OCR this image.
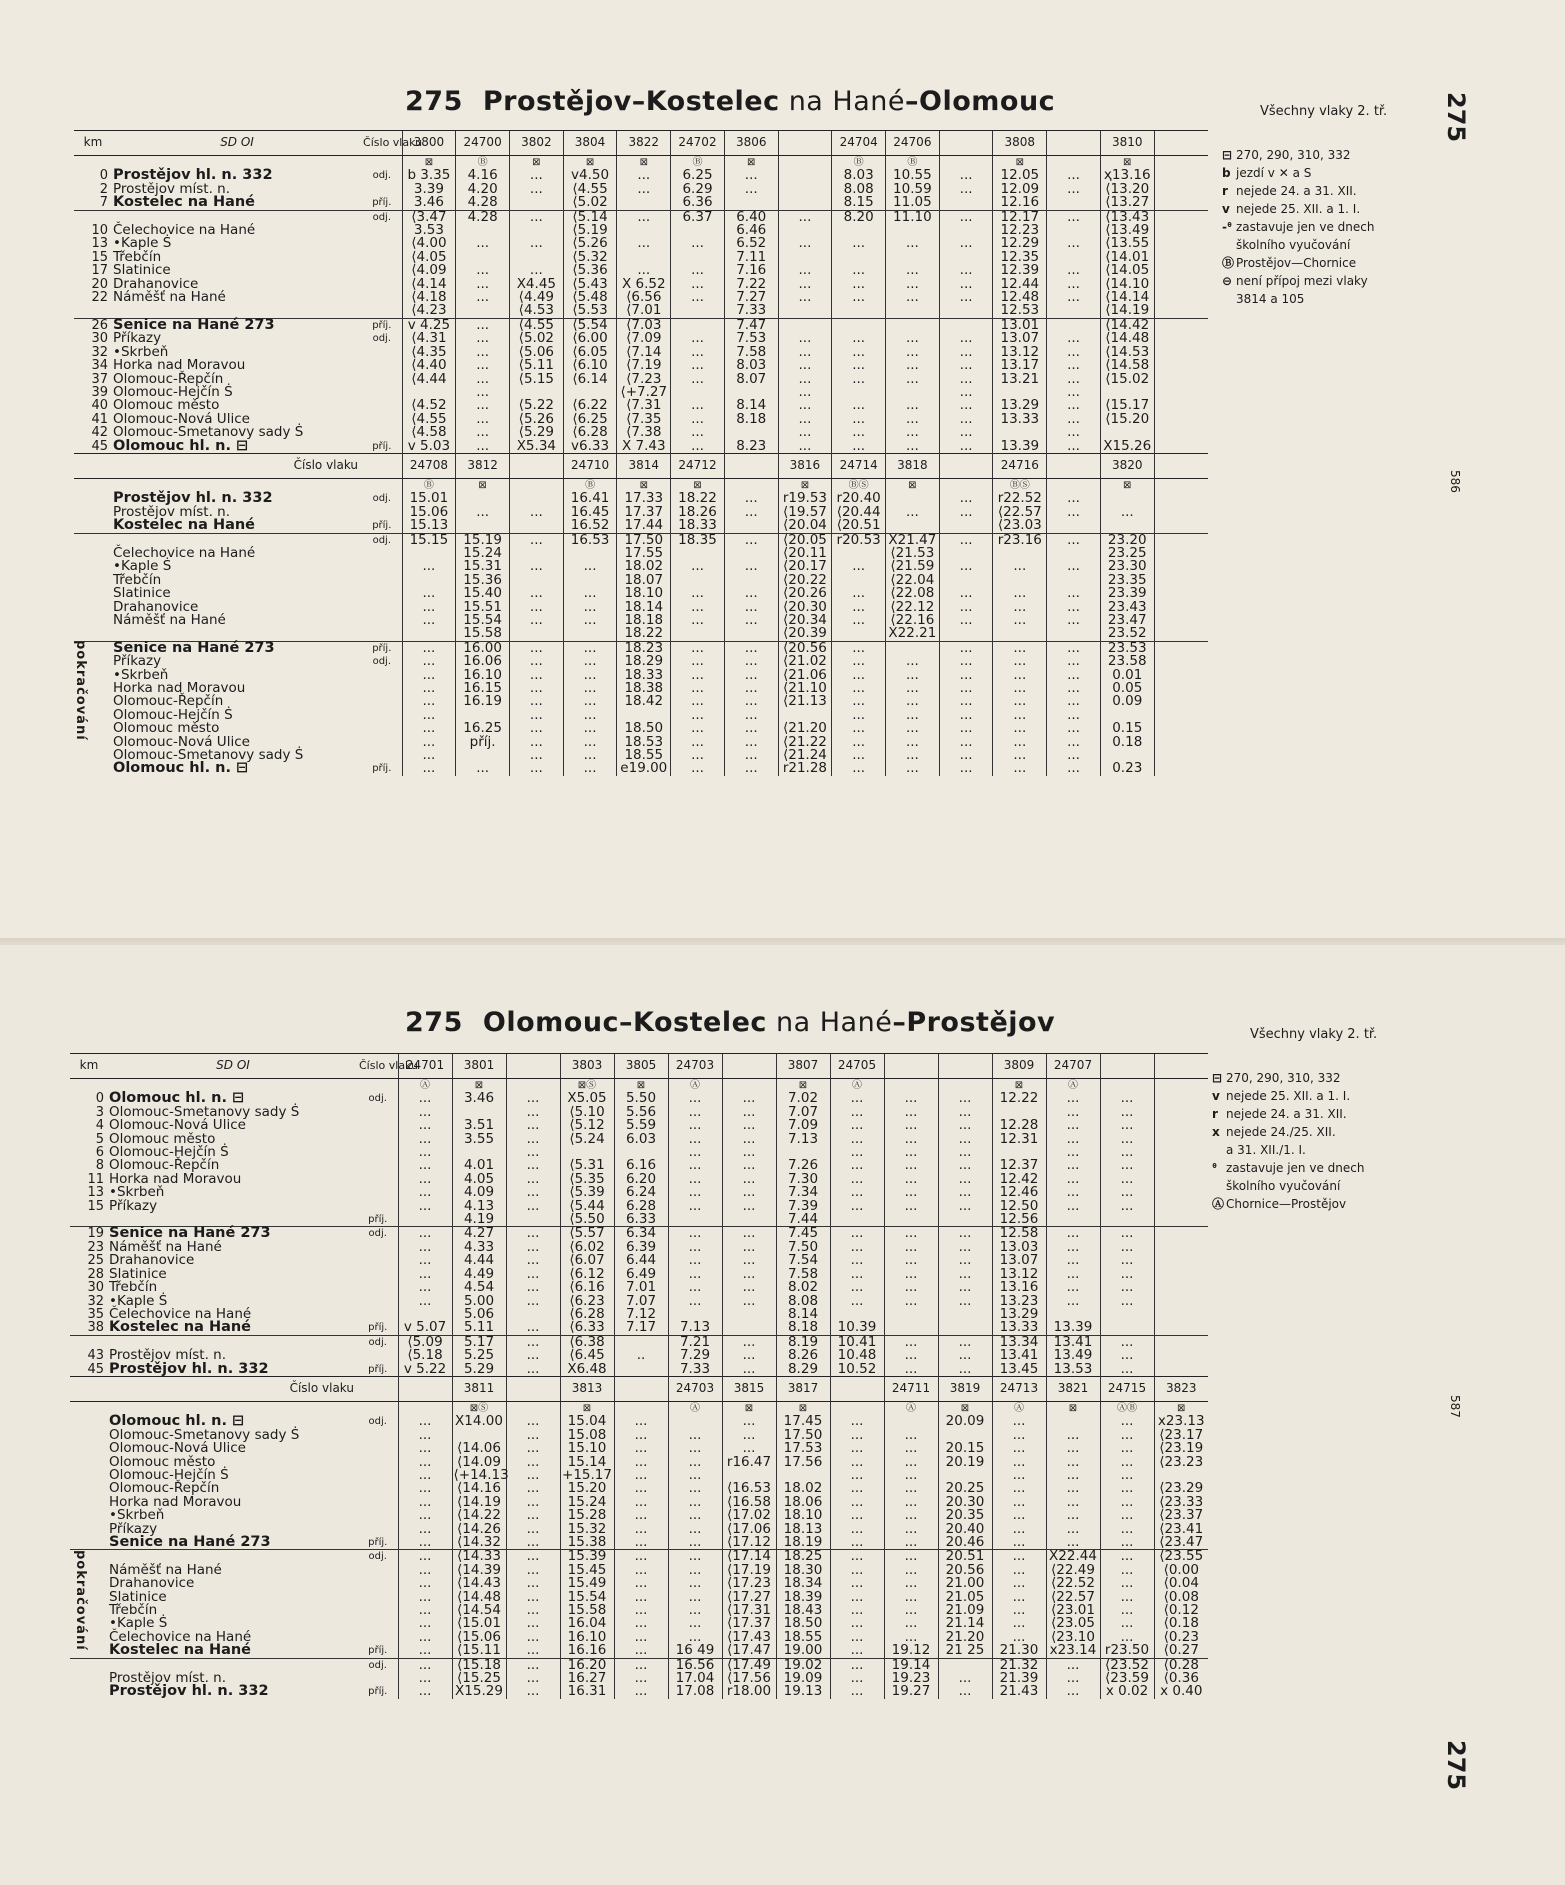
275 Prostějov–Kostelec na Hané–Olomouc	Všechny vlaky 2. tř. 275
586
pokračování
⊟ 270, 290, 310, 332
b jezdí v ✕ a S
r nejede 24. a 31. XII.
v nejede 25. XII. a 1. I.
-ᶿ zastavuje jen ve dnech
školního vyučování
Ⓑ Prostějov—Chornice
⊖ není přípoj mezi vlaky
3814 a 105
km	SD OI	Číslo vlaku	3800	24700	3802	3804	3822	24702	3806		24704	24706		3808		3810	
			⊠	Ⓑ	⊠	⊠	⊠	Ⓑ	⊠		Ⓑ	Ⓑ		⊠		⊠	
0	Prostějov hl. n. 332	odj.	b 3.35	4.16	...	v4.50	...	6.25	...		8.03	10.55	...	12.05	...	ҳ13.16	
2	Prostějov míst. n.		3.39	4.20	...	⟨4.55	...	6.29	...		8.08	10.59	...	12.09	...	⟨13.20	
7	Kostelec na Hané	příj.	3.46	4.28		⟨5.02		6.36			8.15	11.05		12.16		⟨13.27	
		odj.	⟨3.47	4.28	...	⟨5.14	...	6.37	6.40	...	8.20	11.10	...	12.17	...	⟨13.43	
10	Čelechovice na Hané		3.53			⟨5.19			6.46					12.23		⟨13.49	
13	•Kaple Ṡ		⟨4.00	...	...	⟨5.26	...	...	6.52	...	...	...	...	12.29	...	⟨13.55	
15	Třebčín		⟨4.05			⟨5.32			7.11					12.35		⟨14.01	
17	Slatinice		⟨4.09	...	...	⟨5.36	...	...	7.16	...	...	...	...	12.39	...	⟨14.05	
20	Drahanovice		⟨4.14	...	X4.45	⟨5.43	X 6.52	...	7.22	...	...	...	...	12.44	...	⟨14.10	
22	Náměšť na Hané		⟨4.18	...	⟨4.49	⟨5.48	⟨6.56	...	7.27	...	...	...	...	12.48	...	⟨14.14	
			⟨4.23		⟨4.53	⟨5.53	⟨7.01		7.33					12.53		⟨14.19	
26	Senice na Hané 273	příj.	v 4.25	...	⟨4.55	⟨5.54	⟨7.03		7.47					13.01		⟨14.42	
30	Příkazy	odj.	⟨4.31	...	⟨5.02	⟨6.00	⟨7.09	...	7.53	...	...	...	...	13.07	...	⟨14.48	
32	•Skrbeň		⟨4.35	...	⟨5.06	⟨6.05	⟨7.14	...	7.58	...	...	...	...	13.12	...	⟨14.53	
34	Horka nad Moravou		⟨4.40	...	⟨5.11	⟨6.10	⟨7.19	...	8.03	...	...	...	...	13.17	...	⟨14.58	
37	Olomouc-Řepčín		⟨4.44	...	⟨5.15	⟨6.14	⟨7.23	...	8.07	...	...	...	...	13.21	...	⟨15.02	
39	Olomouc-Hejčín Ṡ			...			⟨+7.27			...			...		...		
40	Olomouc město		⟨4.52	...	⟨5.22	⟨6.22	⟨7.31	...	8.14	...	...	...	...	13.29	...	⟨15.17	
41	Olomouc-Nová Ulice		⟨4.55	...	⟨5.26	⟨6.25	⟨7.35	...	8.18	...	...	...	...	13.33	...	⟨15.20	
42	Olomouc-Smetanovy sady Ṡ		⟨4.58	...	⟨5.29	⟨6.28	⟨7.38	...		...	...	...	...		...		
45	Olomouc hl. n. ⊟	příj.	v 5.03	...	X5.34	v6.33	X 7.43	...	8.23	...	...	...	...	13.39	...	X15.26	
	Číslo vlaku		24708	3812		24710	3814	24712		3816	24714	3818		24716		3820	
			Ⓑ	⊠		Ⓑ	⊠	⊠		⊠	ⒷⓈ	⊠		ⒷⓈ		⊠	
	Prostějov hl. n. 332	odj.	15.01			16.41	17.33	18.22	...	r19.53	r20.40		...	r22.52	...		
	Prostějov míst. n.		15.06	...	...	16.45	17.37	18.26	...	⟨19.57	⟨20.44	...	...	⟨22.57	...	...	
	Kostelec na Hané	příj.	15.13			16.52	17.44	18.33		⟨20.04	⟨20.51			⟨23.03			
		odj.	15.15	15.19	...	16.53	17.50	18.35	...	⟨20.05	r20.53	X21.47	...	r23.16	...	23.20	
	Čelechovice na Hané			15.24			17.55			⟨20.11		⟨21.53				23.25	
	•Kaple Ṡ		...	15.31	...	...	18.02	...	...	⟨20.17	...	⟨21.59	...	...	...	23.30	
	Třebčín			15.36			18.07			⟨20.22		⟨22.04				23.35	
	Slatinice		...	15.40	...	...	18.10	...	...	⟨20.26	...	⟨22.08	...	...	...	23.39	
	Drahanovice		...	15.51	...	...	18.14	...	...	⟨20.30	...	⟨22.12	...	...	...	23.43	
	Náměšť na Hané		...	15.54	...	...	18.18	...	...	⟨20.34	...	⟨22.16	...	...	...	23.47	
				15.58			18.22			⟨20.39		X22.21				23.52	
	Senice na Hané 273	příj.	...	16.00	...	...	18.23	...	...	⟨20.56	...		...	...	...	23.53	
	Příkazy	odj.	...	16.06	...	...	18.29	...	...	⟨21.02	...	...	...	...	...	23.58	
	•Skrbeň		...	16.10	...	...	18.33	...	...	⟨21.06	...	...	...	...	...	0.01	
	Horka nad Moravou		...	16.15	...	...	18.38	...	...	⟨21.10	...	...	...	...	...	0.05	
	Olomouc-Řepčín		...	16.19	...	...	18.42	...	...	⟨21.13	...	...	...	...	...	0.09	
	Olomouc-Hejčín Ṡ		...		...	...		...	...		...	...	...	...	...		
	Olomouc město		...	16.25	...	...	18.50	...	...	⟨21.20	...	...	...	...	...	0.15	
	Olomouc-Nová Ulice		...	příj.	...	...	18.53	...	...	⟨21.22	...	...	...	...	...	0.18	
	Olomouc-Smetanovy sady Ṡ		...		...	...	18.55	...	...	⟨21.24	...	...	...	...	...		
	Olomouc hl. n. ⊟	příj.	...	...	...	...	e19.00	...	...	r21.28	...	...	...	...	...	0.23	
275 Olomouc–Kostelec na Hané–Prostějov	Všechny vlaky 2. tř.
275
587
pokračování
⊟ 270, 290, 310, 332
v nejede 25. XII. a 1. I.
r nejede 24. a 31. XII.
x nejede 24./25. XII.
a 31. XII./1. I.
ᶿ zastavuje jen ve dnech
školního vyučování
Ⓐ Chornice—Prostějov
km	SD OI	Číslo vlaku	24701	3801		3803	3805	24703		3807	24705			3809	24707		
			Ⓐ	⊠		⊠Ⓢ	⊠	Ⓐ		⊠	Ⓐ			⊠	Ⓐ		
0	Olomouc hl. n. ⊟	odj.	...	3.46	...	X5.05	5.50	...	...	7.02	...	...	...	12.22	...	...	
3	Olomouc-Smetanovy sady Ṡ		...		...	⟨5.10	5.56	...	...	7.07	...	...	...		...	...	
4	Olomouc-Nová Ulice		...	3.51	...	⟨5.12	5.59	...	...	7.09	...	...	...	12.28	...	...	
5	Olomouc město		...	3.55	...	⟨5.24	6.03	...	...	7.13	...	...	...	12.31	...	...	
6	Olomouc-Hejčín Ṡ		...		...			...	...		...	...	...		...	...	
8	Olomouc-Řepčín		...	4.01	...	⟨5.31	6.16	...	...	7.26	...	...	...	12.37	...	...	
11	Horka nad Moravou		...	4.05	...	⟨5.35	6.20	...	...	7.30	...	...	...	12.42	...	...	
13	•Skrbeň		...	4.09	...	⟨5.39	6.24	...	...	7.34	...	...	...	12.46	...	...	
15	Příkazy		...	4.13	...	⟨5.44	6.28	...	...	7.39	...	...	...	12.50	...	...	
		příj.		4.19		⟨5.50	6.33			7.44				12.56			
19	Senice na Hané 273	odj.	...	4.27	...	⟨5.57	6.34	...	...	7.45	...	...	...	12.58	...	...	
23	Náměšť na Hané		...	4.33	...	⟨6.02	6.39	...	...	7.50	...	...	...	13.03	...	...	
25	Drahanovice		...	4.44	...	⟨6.07	6.44	...	...	7.54	...	...	...	13.07	...	...	
28	Slatinice		...	4.49	...	⟨6.12	6.49	...	...	7.58	...	...	...	13.12	...	...	
30	Třebčín		...	4.54	...	⟨6.16	7.01	...	...	8.02	...	...	...	13.16	...	...	
32	•Kaple Ṡ		...	5.00	...	⟨6.23	7.07	...	...	8.08	...	...	...	13.23	...	...	
35	Čelechovice na Hané			5.06		⟨6.28	7.12			8.14				13.29			
38	Kostelec na Hané	příj.	v 5.07	5.11	...	⟨6.33	7.17	7.13		8.18	10.39			13.33	13.39		
		odj.	⟨5.09	5.17	...	⟨6.38		7.21	...	8.19	10.41	...	...	13.34	13.41	...	
43	Prostějov míst. n.		⟨5.18	5.25	...	⟨6.45	..	7.29	...	8.26	10.48	...	...	13.41	13.49	...	
45	Prostějov hl. n. 332	příj.	v 5.22	5.29	...	X6.48		7.33	...	8.29	10.52	...	...	13.45	13.53	...	
	Číslo vlaku			3811		3813		24703	3815	3817		24711	3819	24713	3821	24715	3823
				⊠Ⓢ		⊠		Ⓐ	⊠	⊠		Ⓐ	⊠	Ⓐ	⊠	ⒶⒷ	⊠
	Olomouc hl. n. ⊟	odj.	...	X14.00	...	15.04	...		...	17.45	...		20.09	...		...	x23.13
	Olomouc-Smetanovy sady Ṡ		...		...	15.08	...	...	...	17.50	...	...		...	...	...	⟨23.17
	Olomouc-Nová Ulice		...	⟨14.06	...	15.10	...	...	...	17.53	...	...	20.15	...	...	...	⟨23.19
	Olomouc město		...	⟨14.09	...	15.14	...	...	r16.47	17.56	...	...	20.19	...	...	...	⟨23.23
	Olomouc-Hejčín Ṡ		...	⟨+14.13	...	+15.17	...	...			...	...		...	...	...	
	Olomouc-Řepčín		...	⟨14.16	...	15.20	...	...	⟨16.53	18.02	...	...	20.25	...	...	...	⟨23.29
	Horka nad Moravou		...	⟨14.19	...	15.24	...	...	⟨16.58	18.06	...	...	20.30	...	...	...	⟨23.33
	•Skrbeň		...	⟨14.22	...	15.28	...	...	⟨17.02	18.10	...	...	20.35	...	...	...	⟨23.37
	Příkazy		...	⟨14.26	...	15.32	...	...	⟨17.06	18.13	...	...	20.40	...	...	...	⟨23.41
	Senice na Hané 273	příj.	...	⟨14.32	...	15.38	...	...	⟨17.12	18.19	...	...	20.46	...	...	...	⟨23.47
		odj.	...	⟨14.33	...	15.39	...	...	⟨17.14	18.25	...	...	20.51	...	X22.44	...	⟨23.55
	Náměšť na Hané		...	⟨14.39	...	15.45	...	...	⟨17.19	18.30	...	...	20.56	...	⟨22.49	...	⟨0.00
	Drahanovice		...	⟨14.43	...	15.49	...	...	⟨17.23	18.34	...	...	21.00	...	⟨22.52	...	⟨0.04
	Slatinice		...	⟨14.48	...	15.54	...	...	⟨17.27	18.39	...	...	21.05	...	⟨22.57	...	⟨0.08
	Třebčín		...	⟨14.54	...	15.58	...	...	⟨17.31	18.43	...	...	21.09	...	⟨23.01	...	⟨0.12
	•Kaple Ṡ		...	⟨15.01	...	16.04	...	...	⟨17.37	18.50	...	...	21.14	...	⟨23.05	...	⟨0.18
	Čelechovice na Hané		...	⟨15.06	...	16.10	...	...	⟨17.43	18.55	...	...	21.20	...	⟨23.10	...	⟨0.23
	Kostelec na Hané	příj.	...	⟨15.11	...	16.16	...	16 49	⟨17.47	19.00	...	19.12	21 25	21.30	x23.14	r23.50	⟨0.27
		odj.	...	⟨15.18	...	16.20	...	16.56	⟨17.49	19.02	...	19.14		21.32	...	⟨23.52	⟨0.28
	Prostějov míst. n.		...	⟨15.25	...	16.27	...	17.04	⟨17.56	19.09	...	19.23	...	21.39	...	⟨23.59	⟨0.36
	Prostějov hl. n. 332	příj.	...	X15.29	...	16.31	...	17.08	r18.00	19.13	...	19.27	...	21.43	...	x 0.02	x 0.40
